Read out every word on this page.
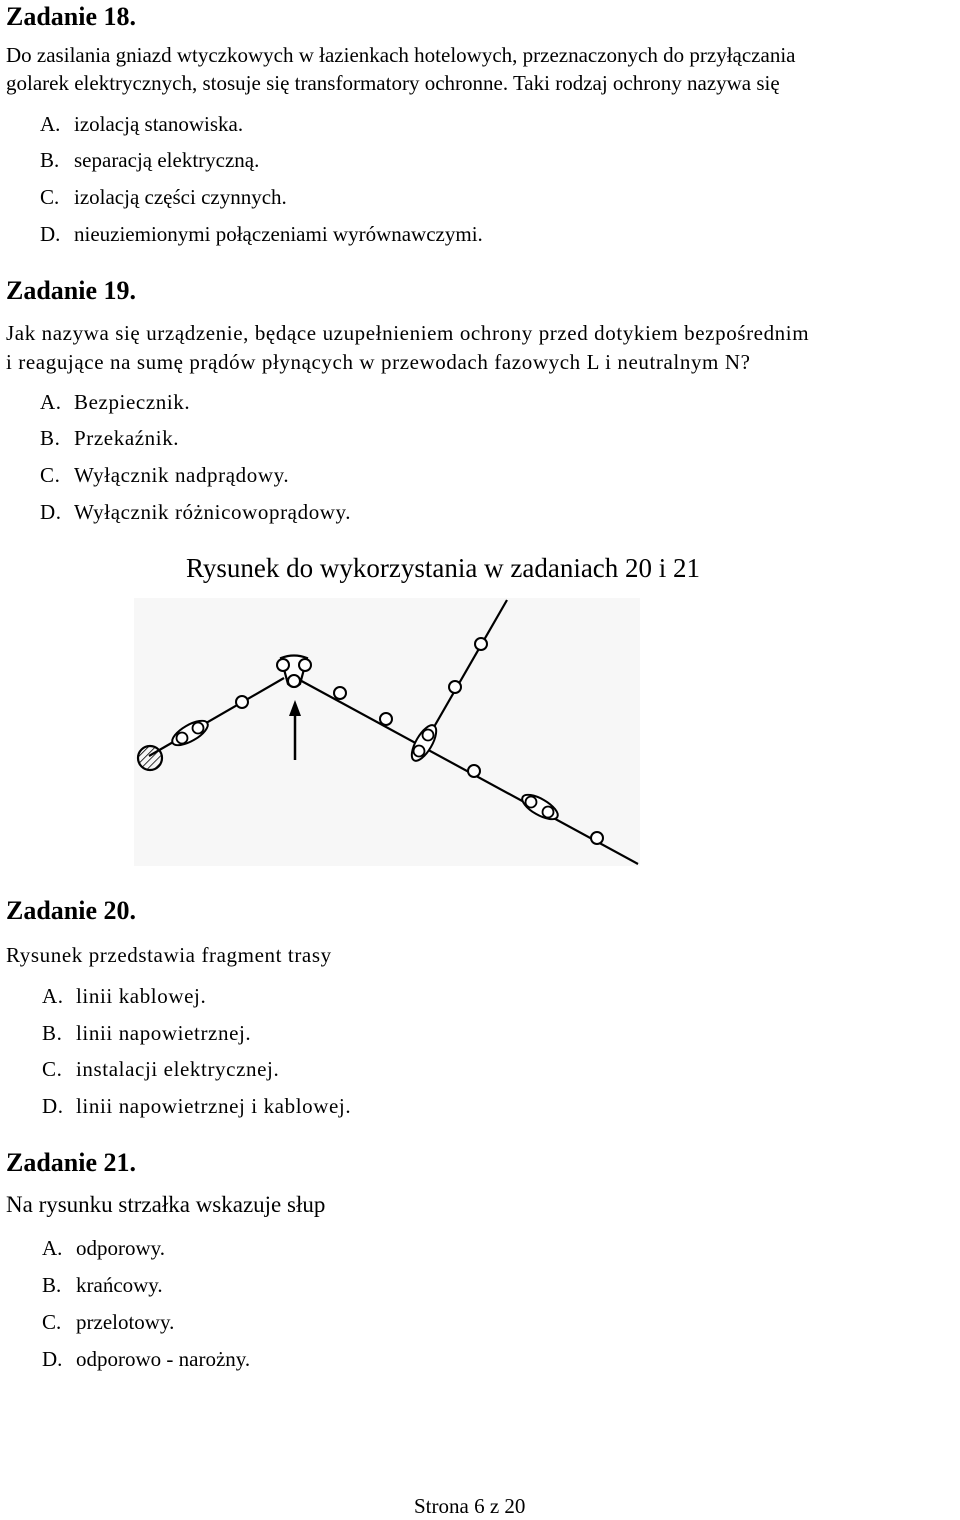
Zadanie 18.
Do zasilania gniazd wtyczkowych w łazienkach hotelowych, przeznaczonych do przyłączania
golarek elektrycznych, stosuje się transformatory ochronne. Taki rodzaj ochrony nazywa się
A. izolacją stanowiska.
B. separacją elektryczną.
C. izolacją części czynnych.
D. nieuziemionymi połączeniami wyrównawczymi.
Zadanie 19.
Jak nazywa się urządzenie, będące uzupełnieniem ochrony przed dotykiem bezpośrednim
i reagujące na sumę prądów płynących w przewodach fazowych L i neutralnym N?
A. Bezpiecznik.
B. Przekaźnik.
C. Wyłącznik nadprądowy.
D. Wyłącznik różnicowoprądowy.
Rysunek do wykorzystania w zadaniach 20 i 21
Zadanie 20.
Rysunek przedstawia fragment trasy
A. linii kablowej.
B. linii napowietrznej.
C. instalacji elektrycznej.
D. linii napowietrznej i kablowej.
Zadanie 21.
Na rysunku strzałka wskazuje słup
A. odporowy.
B. krańcowy.
C. przelotowy.
D. odporowo - narożny.
Strona 6 z 20
